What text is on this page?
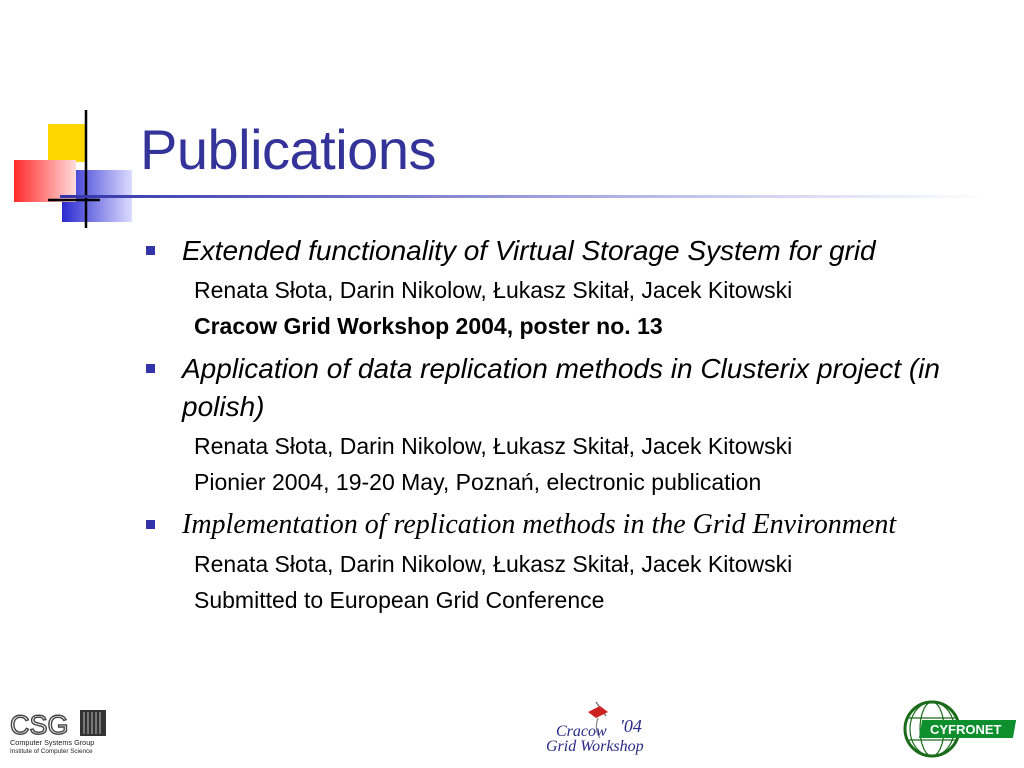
Publications
Extended functionality of Virtual Storage System for grid
Renata Słota, Darin Nikolow, Łukasz Skitał, Jacek Kitowski
Cracow Grid Workshop 2004, poster no. 13
Application of data replication methods in Clusterix project (in polish)
Renata Słota, Darin Nikolow, Łukasz Skitał, Jacek Kitowski
Pionier 2004, 19-20 May, Poznań, electronic publication
Implementation of replication methods in the Grid Environment
Renata Słota, Darin Nikolow, Łukasz Skitał, Jacek Kitowski
Submitted to European Grid Conference
CSG
Computer Systems Group
Institute of Computer Science
Cracow '04
Grid Workshop
CYFRONET
